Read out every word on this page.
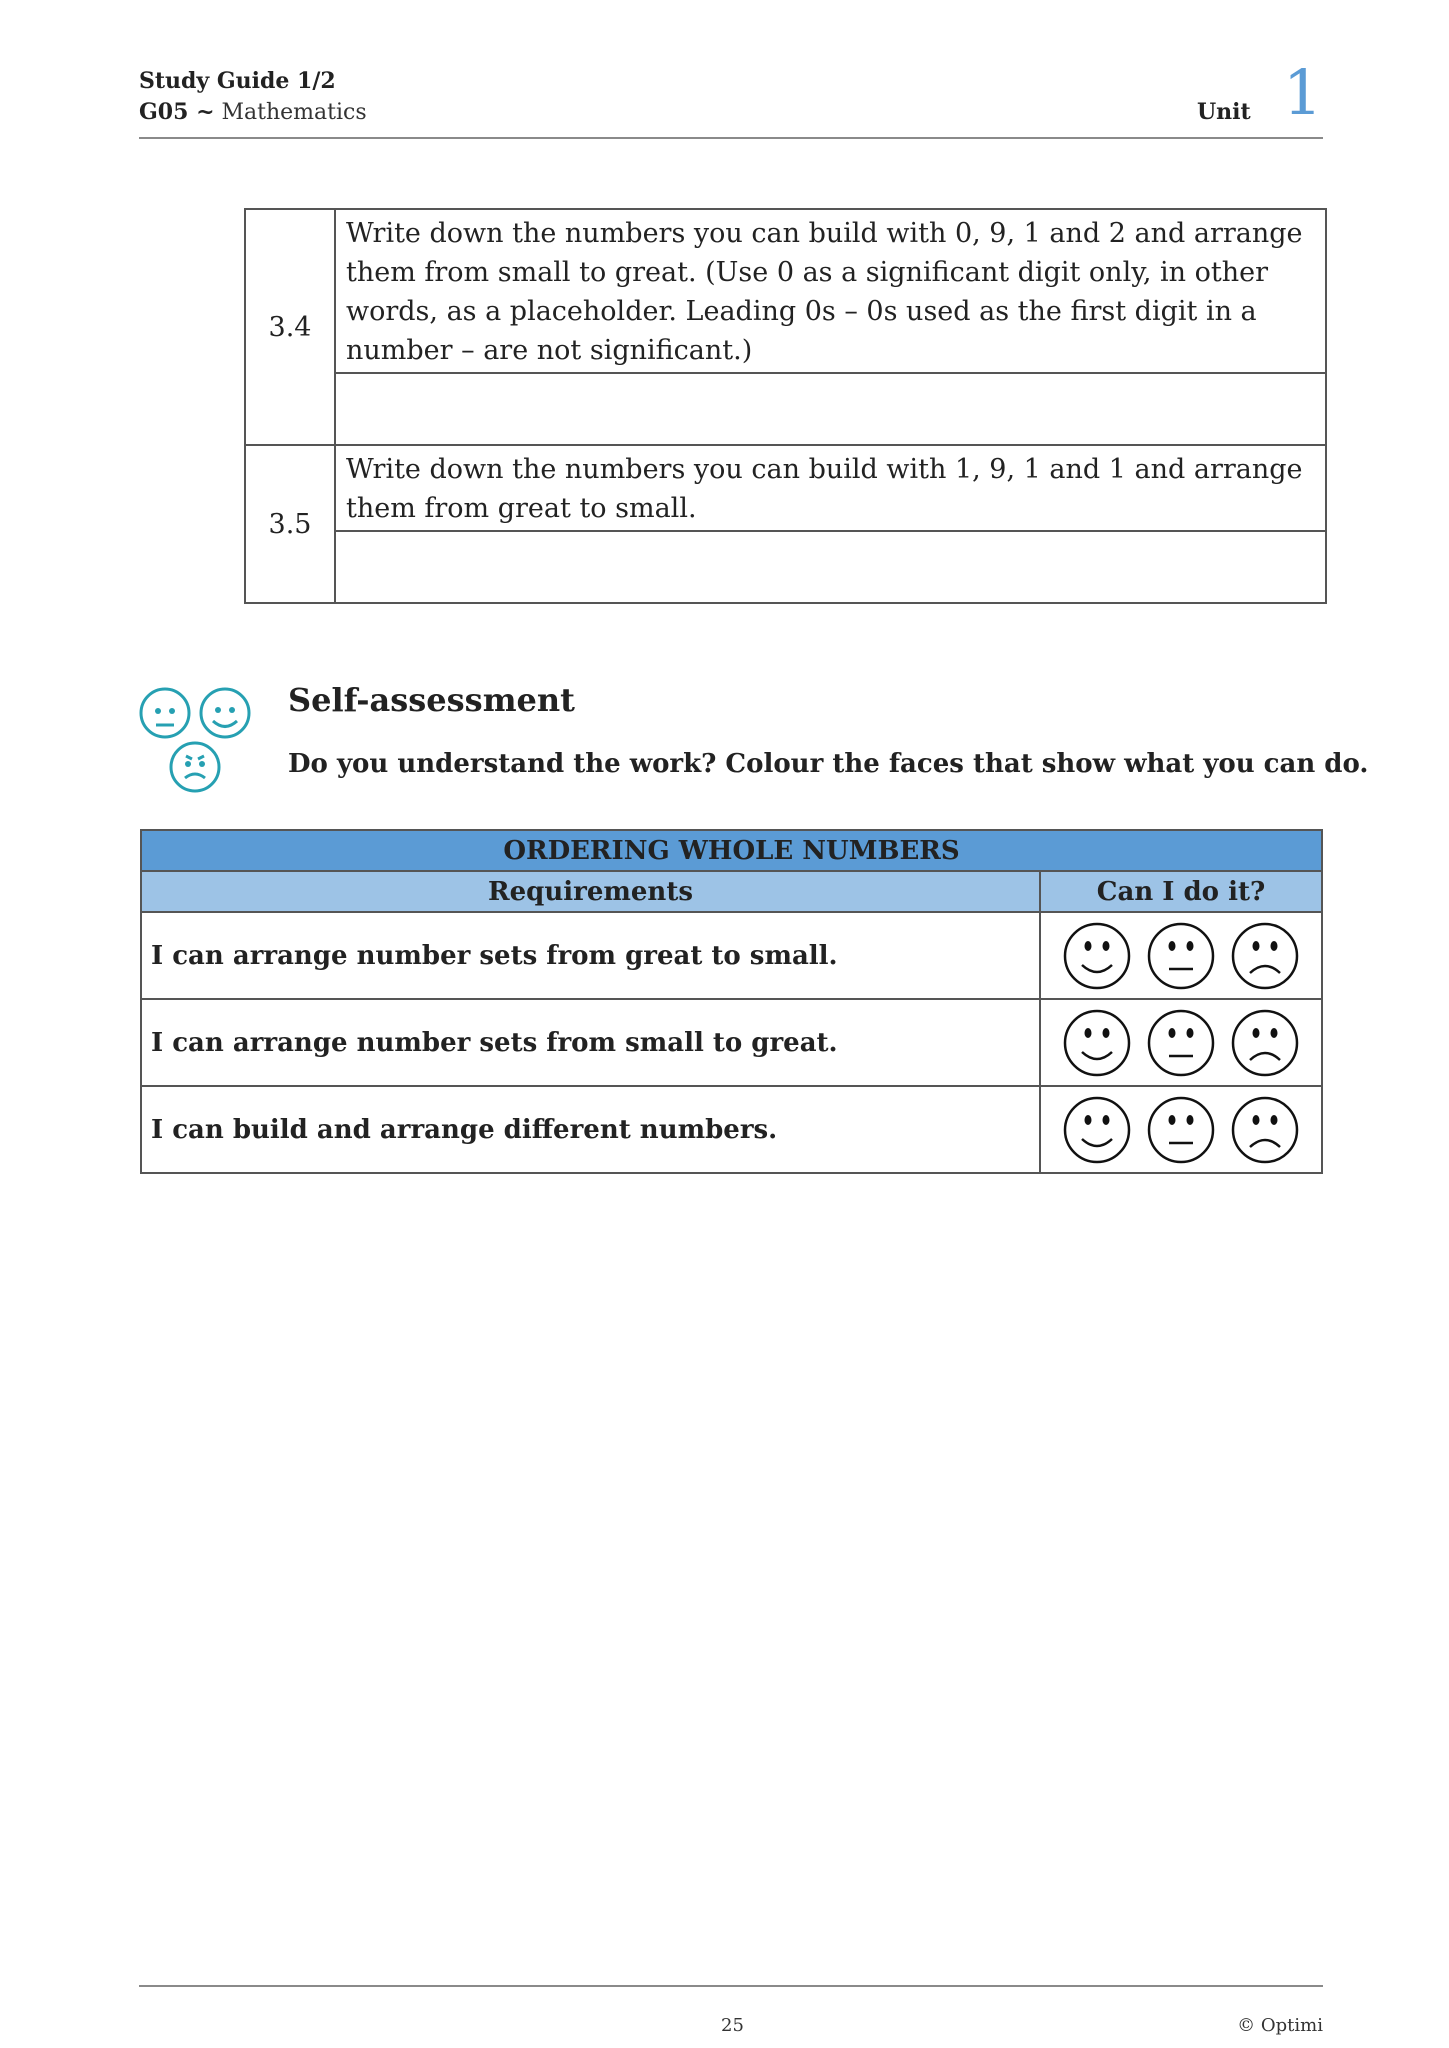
Study Guide 1/2
G05 ~ Mathematics	Unit 1
3.4	Write down the numbers you can build with 0, 9, 1 and 2 and arrange them from small to great. (Use 0 as a significant digit only, in other words, as a placeholder. Leading 0s – 0s used as the first digit in a number – are not significant.)

3.5	Write down the numbers you can build with 1, 9, 1 and 1 and arrange them from great to small.

Self-assessment
Do you understand the work? Colour the faces that show what you can do.
ORDERING WHOLE NUMBERS	
Requirements	Can I do it?
I can arrange number sets from great to small.	

I can arrange number sets from small to great.	

I can build and arrange different numbers.	
25	© Optimi
